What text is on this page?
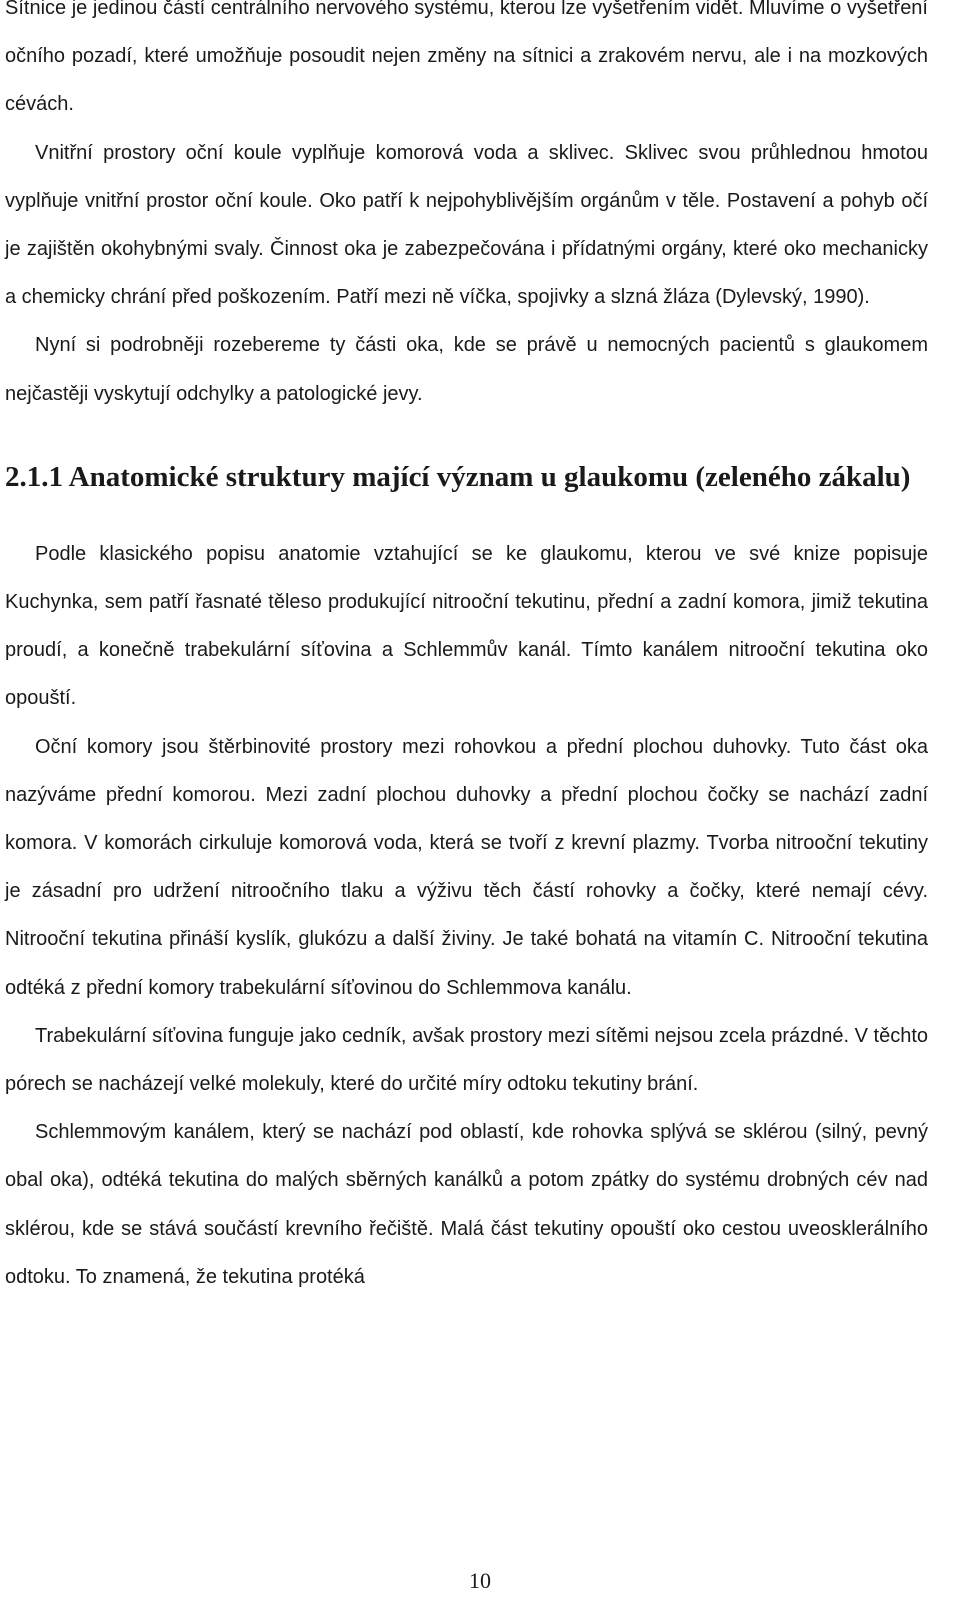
Sítnice je jedinou částí centrálního nervového systému, kterou lze vyšetřením vidět. Mluvíme o vyšetření očního pozadí, které umožňuje posoudit nejen změny na sítnici a zrakovém nervu, ale i na mozkových cévách.

Vnitřní prostory oční koule vyplňuje komorová voda a sklivec. Sklivec svou průhlednou hmotou vyplňuje vnitřní prostor oční koule. Oko patří k nejpohyblivějším orgánům v těle. Postavení a pohyb očí je zajištěn okohybnými svaly. Činnost oka je zabezpečována i přídatnými orgány, které oko mechanicky a chemicky chrání před poškozením. Patří mezi ně víčka, spojivky a slzná žláza (Dylevský, 1990).

Nyní si podrobněji rozebereme ty části oka, kde se právě u nemocných pacientů s glaukomem nejčastěji vyskytují odchylky a patologické jevy.

2.1.1 Anatomické struktury mající význam u glaukomu (zeleného zákalu)

Podle klasického popisu anatomie vztahující se ke glaukomu, kterou ve své knize popisuje Kuchynka, sem patří řasnaté těleso produkující nitrooční tekutinu, přední a zadní komora, jimiž tekutina proudí, a konečně trabekulární síťovina a Schlemmův kanál. Tímto kanálem nitrooční tekutina oko opouští.

Oční komory jsou štěrbinovité prostory mezi rohovkou a přední plochou duhovky. Tuto část oka nazýváme přední komorou. Mezi zadní plochou duhovky a přední plochou čočky se nachází zadní komora. V komorách cirkuluje komorová voda, která se tvoří z krevní plazmy. Tvorba nitrooční tekutiny je zásadní pro udržení nitroočního tlaku a výživu těch částí rohovky a čočky, které nemají cévy. Nitrooční tekutina přináší kyslík, glukózu a další živiny. Je také bohatá na vitamín C. Nitrooční tekutina odtéká z přední komory trabekulární síťovinou do Schlemmova kanálu.

Trabekulární síťovina funguje jako cedník, avšak prostory mezi sítěmi nejsou zcela prázdné. V těchto pórech se nacházejí velké molekuly, které do určité míry odtoku tekutiny brání.

Schlemmovým kanálem, který se nachází pod oblastí, kde rohovka splývá se sklérou (silný, pevný obal oka), odtéká tekutina do malých sběrných kanálků a potom zpátky do systému drobných cév nad sklérou, kde se stává součástí krevního řečiště. Malá část tekutiny opouští oko cestou uveosklerálního odtoku. To znamená, že tekutina protéká

10
